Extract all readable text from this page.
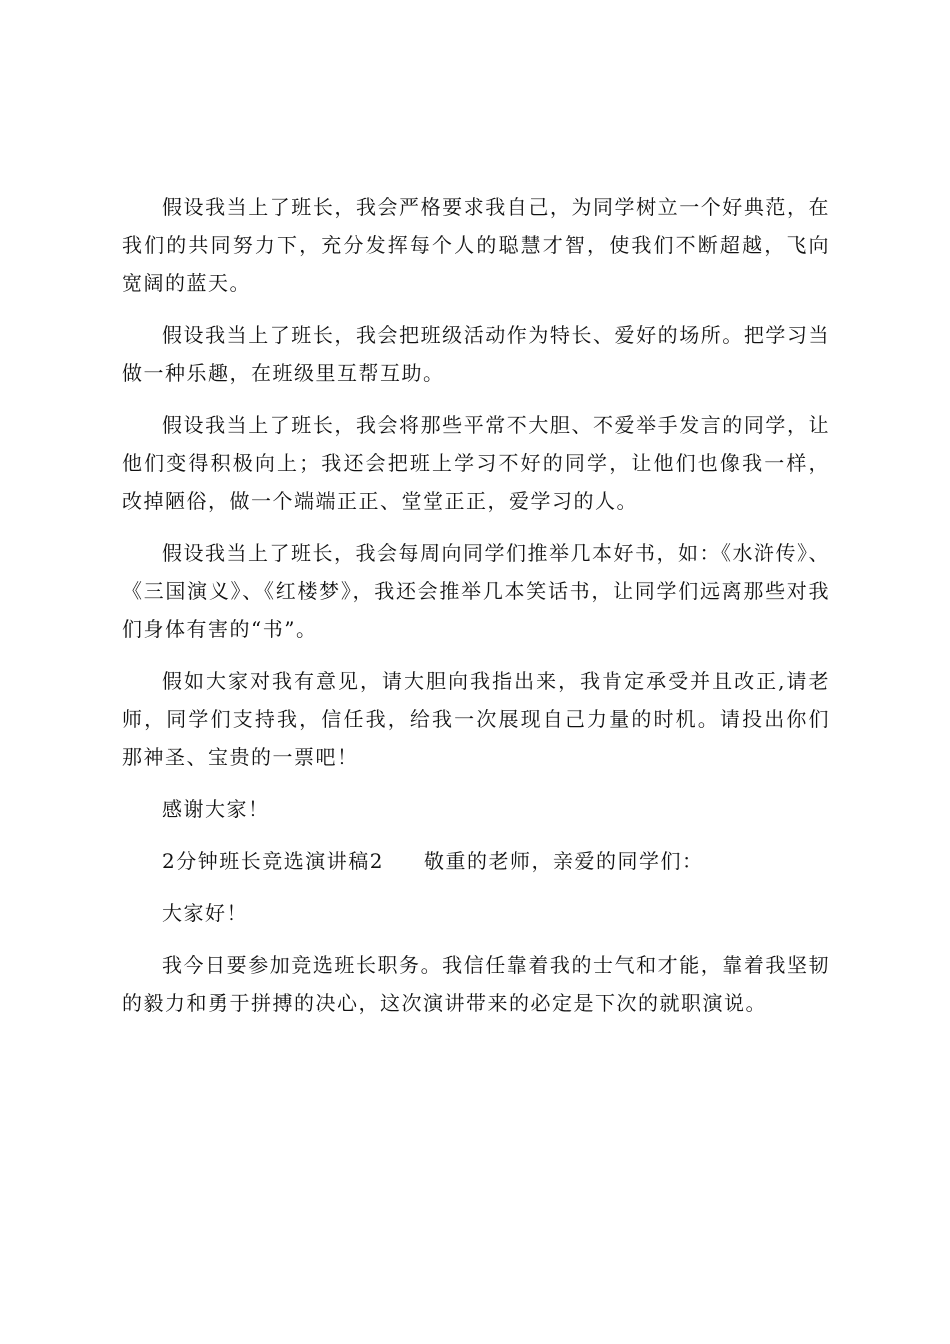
假设我当上了班长，我会严格要求我自己，为同学树立一个好典范，在我们的共同努力下，充分发挥每个人的聪慧才智，使我们不断超越，飞向宽阔的蓝天。

假设我当上了班长，我会把班级活动作为特长、爱好的场所。把学习当做一种乐趣，在班级里互帮互助。

假设我当上了班长，我会将那些平常不大胆、不爱举手发言的同学，让他们变得积极向上；我还会把班上学习不好的同学，让他们也像我一样，改掉陋俗，做一个端端正正、堂堂正正，爱学习的人。

假设我当上了班长，我会每周向同学们推举几本好书，如：《水浒传》、《三国演义》、《红楼梦》，我还会推举几本笑话书，让同学们远离那些对我们身体有害的“书”。

假如大家对我有意见，请大胆向我指出来，我肯定承受并且改正,请老师，同学们支持我，信任我，给我一次展现自己力量的时机。请投出你们那神圣、宝贵的一票吧！

感谢大家！

2分钟班长竞选演讲稿2 敬重的老师，亲爱的同学们：

大家好！

我今日要参加竞选班长职务。我信任靠着我的士气和才能，靠着我坚韧的毅力和勇于拼搏的决心，这次演讲带来的必定是下次的就职演说。
